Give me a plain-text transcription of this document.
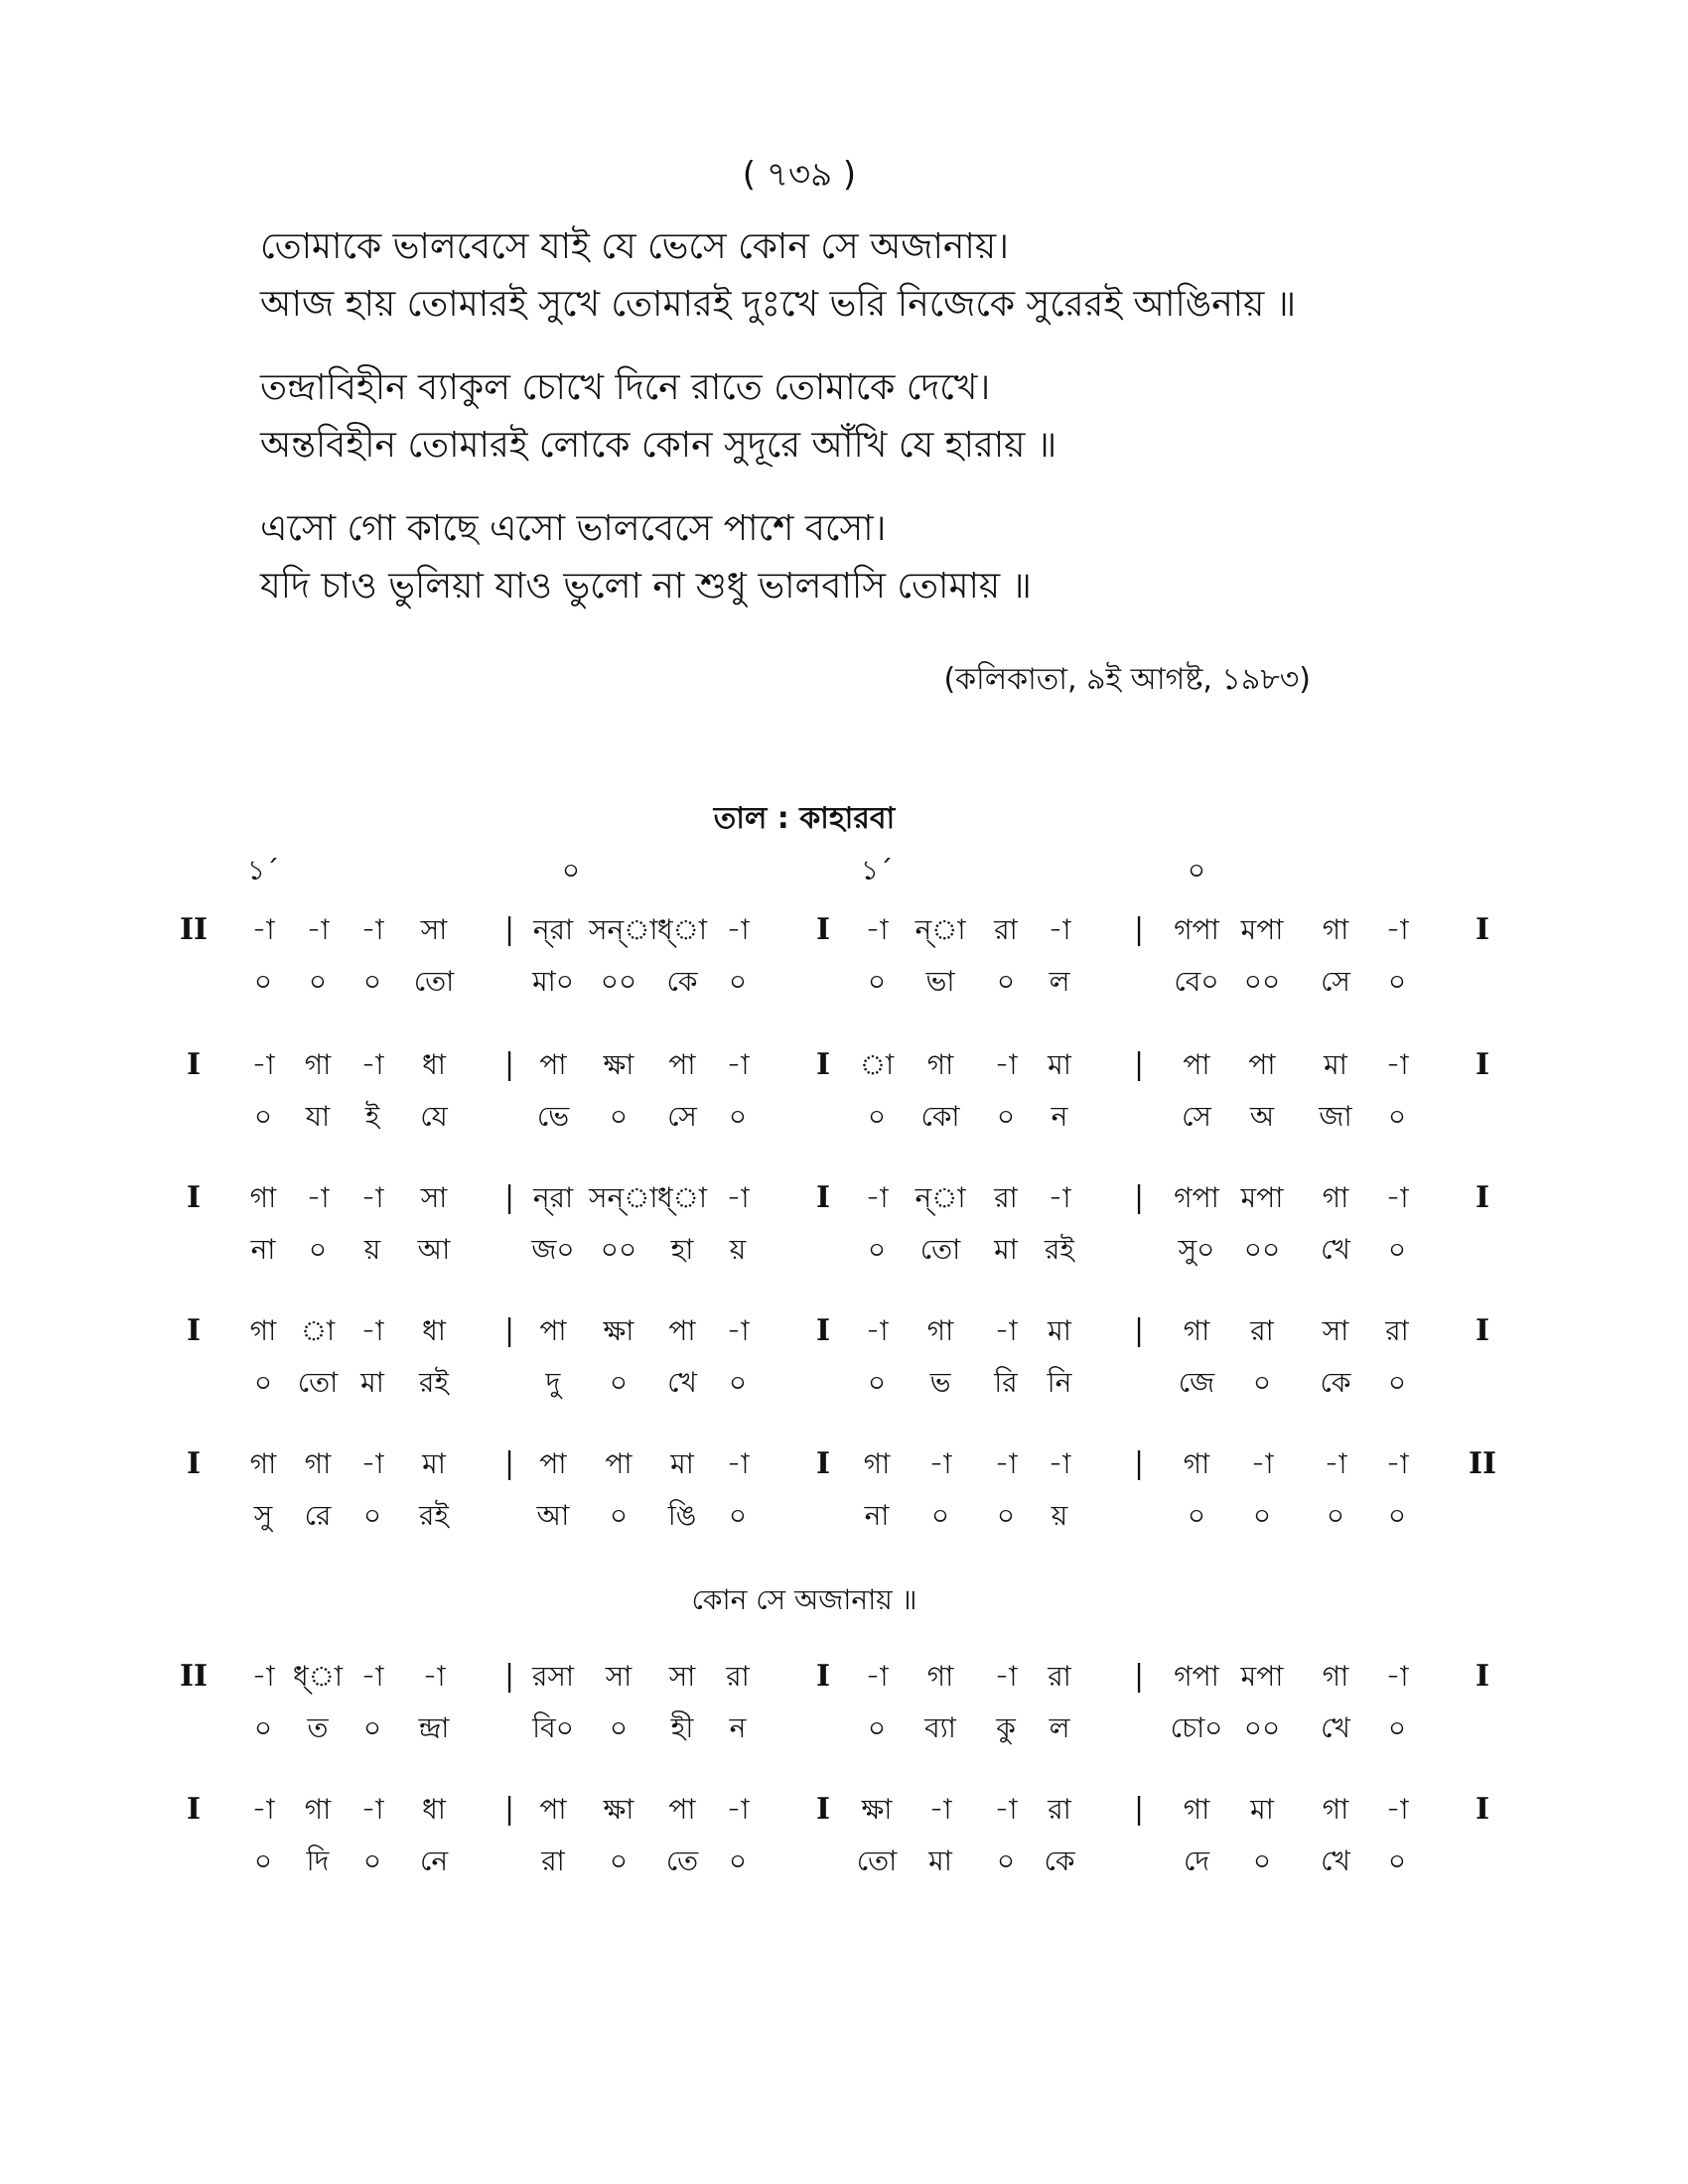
( ৭৩৯ )
তোমাকে ভালবেসে যাই যে ভেসে কোন সে অজানায়।
আজ হায় তোমারই সুখে তোমারই দুঃখে ভরি নিজেকে সুরেরই আঙিনায় ॥
তন্দ্রাবিহীন ব্যাকুল চোখে দিনে রাতে তোমাকে দেখে।
অন্তবিহীন তোমারই লোকে কোন সুদূরে আঁখি যে হারায় ॥
এসো গো কাছে এসো ভালবেসে পাশে বসো।
যদি চাও ভুলিয়া যাও ভুলো না শুধু ভালবাসি তোমায় ॥
(কলিকাতা, ৯ই আগষ্ট, ১৯৮৩)
তাল : কাহারবা
১´	০	১´	০
II	-া	-া	-া	সা	| ন্‌রা সন্‌া ধ্‌া -া	I	-া ন্‌া	রা	-া	|	গপা মপা	গা	-া	I
০	০	০	তো	মা০ ০০	কে	০	০	ভা	০	ল	বে০ ০০	সে	০
I	-া	গা	-া	ধা	| পা	ক্ষা	পা	-া	I	া	গা	-া	মা	|	পা	পা	মা	-া	I
০	যা	ই	যে	ভে	০	সে	০	০	কো	০	ন	সে	অ	জা	০
I	গা	-া	-া	সা	| ন্‌রা সন্‌া ধ্‌া -া	I	-া ন্‌া	রা	-া	|	গপা মপা	গা	-া	I
না	০	য়	আ	জ০ ০০	হা	য়	০	তো	মা রই	সু০	০০	খে	০
I	গা া -া	ধা	| পা	ক্ষা	পা	-া	I	-া	গা	-া	মা	|	গা	রা	সা	রা	I
০ তো মা	রই	দু	০	খে	০	০	ভ	রি	নি	জে	০	কে	০
I	গা	গা	-া	মা	| পা	পা	মা	-া	I	গা	-া	-া	-া	|	গা	-া	-া	-া	II
সু	রে	০	রই	আ	০	ঙি	০	না	০	০	য়	০	০	০	০
II	-া ধ্‌া -া	-া	| রসা	সা	সা	রা	I	-া	গা	-া	রা	|	গপা মপা	গা	-া	I
০	ত	০	ন্দ্রা	বি০	০	হী	ন	০	ব্যা	কু	ল	চো০ ০০	খে	০
I	-া	গা	-া	ধা	| পা	ক্ষা	পা	-া	I	ক্ষা	-া	-া	রা	|	গা	মা	গা	-া	I
০	দি	০	নে	রা	০	তে	০	তো	মা	০	কে	দে	০	খে	০
কোন সে অজানায় ॥
